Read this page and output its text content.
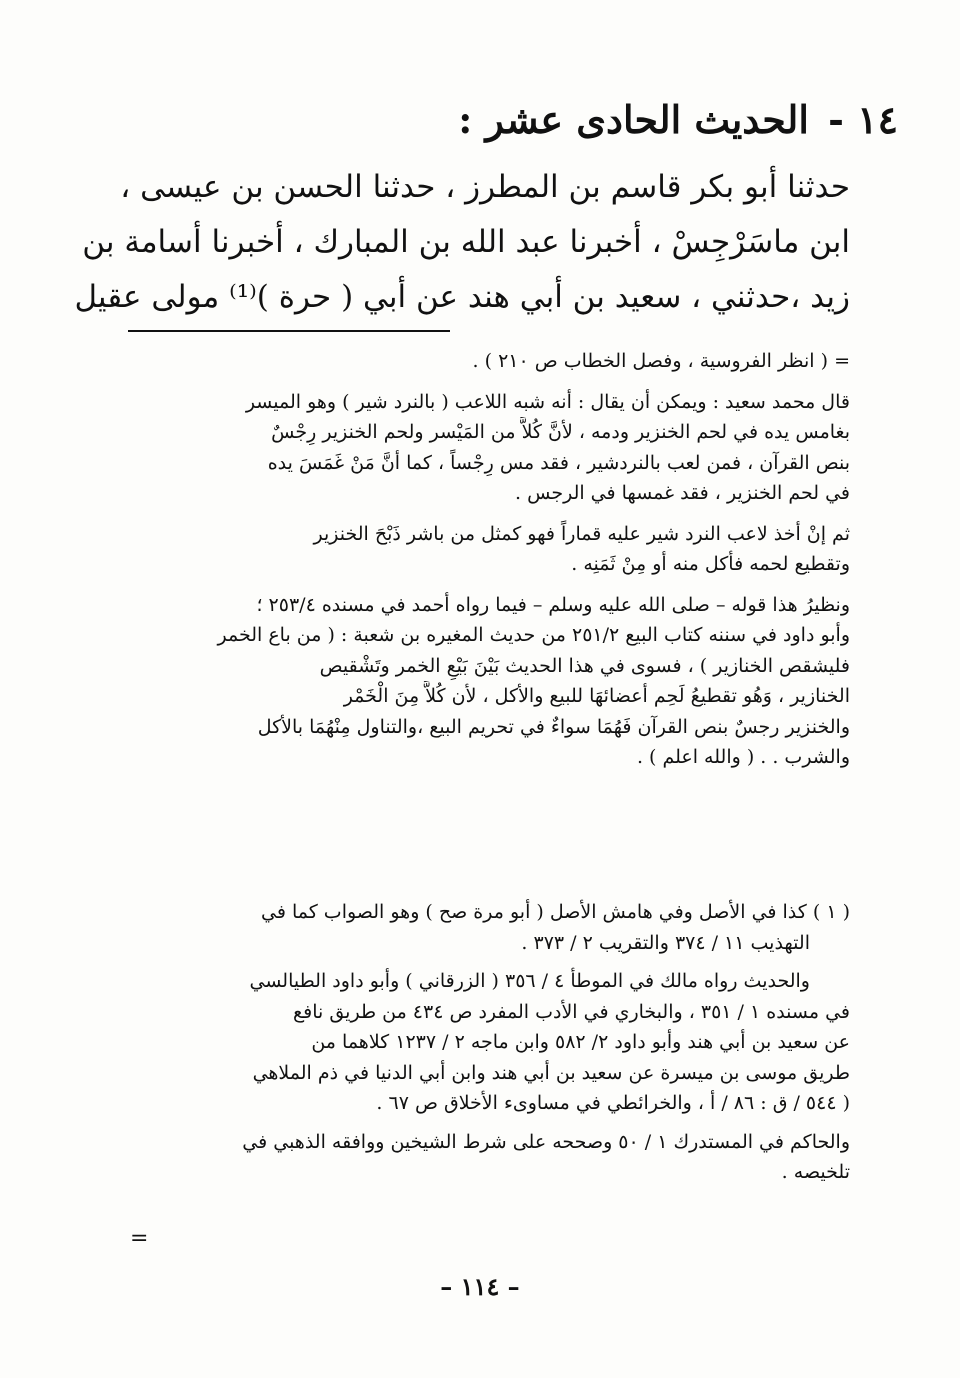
١٤ - الحديث الحادى عشر :
حدثنا أبو بكر قاسم بن المطرز ، حدثنا الحسن بن عيسى ،
ابن ماسَرْجِسْ ، أخبرنا عبد الله بن المبارك ، أخبرنا أسامة بن
زيد ،حدثني ، سعيد بن أبي هند عن أبي ( حرة )⁽¹⁾ مولى عقيل

= ( انظر الفروسية ، وفصل الخطاب ص ٢١٠ ) .

قال محمد سعيد : ويمكن أن يقال : أنه شبه اللاعب ( بالنرد شير ) وهو الميسر
بغامس يده في لحم الخنزير ودمه ، لأنَّ كُلاًّ من المَيْسر ولحم الخنزير رِجْسٌ
بنص القرآن ، فمن لعب بالنردشير ، فقد مس رِجْساً ، كما أنَّ مَنْ غَمَسَ يده
في لحم الخنزير ، فقد غمسها في الرجس .

ثم إنْ أخذ لاعب النرد شير عليه قماراً فهو كمثل من باشر ذَبْحَ الخنزير
وتقطيع لحمه فأكل منه أو مِنْ ثَمَنِه .

ونظيرُ هذا قوله – صلى الله عليه وسلم – فيما رواه أحمد في مسنده ٢٥٣/٤ ؛
وأبو داود في سننه كتاب البيع ٢٥١/٢ من حديث المغيره بن شعبة : ( من باع الخمر
فليشقص الخنازير ) ، فسوى في هذا الحديث بَيْنَ بَيْعِ الخمر وتَشْقيص
الخنازير ، وَهُو تقطيعُ لَحِم أعضائهَا للبيع والأكل ، لأن كُلاًّ مِنَ الْخَمْر
والخنزير رجسٌ بنص القرآن فَهُمَا سواءٌ في تحريم البيع ،والتناول مِنْهُمَا بالأكل
والشرب . . ( والله اعلم ) .

( ١ ) كذا في الأصل وفي هامش الأصل ( أبو مرة صح ) وهو الصواب كما في
التهذيب ١١ / ٣٧٤ والتقريب ٢ / ٣٧٣ .

والحديث رواه مالك في الموطأ ٤ / ٣٥٦ ( الزرقاني ) وأبو داود الطيالسي
في مسنده ١ / ٣٥١ ، والبخاري في الأدب المفرد ص ٤٣٤ من طريق نافع
عن سعيد بن أبي هند وأبو داود ٢/ ٥٨٢ وابن ماجه ٢ / ١٢٣٧ كلاهما من
طريق موسى بن ميسرة عن سعيد بن أبي هند وابن أبي الدنيا في ذم الملاهي
( ٥٤٤ / ق : ٨٦ / أ ، والخرائطي في مساوىء الأخلاق ص ٦٧ .

والحاكم في المستدرك ١ / ٥٠ وصححه على شرط الشيخين ووافقه الذهبي في
تلخيصه .

=
– ١١٤ –
